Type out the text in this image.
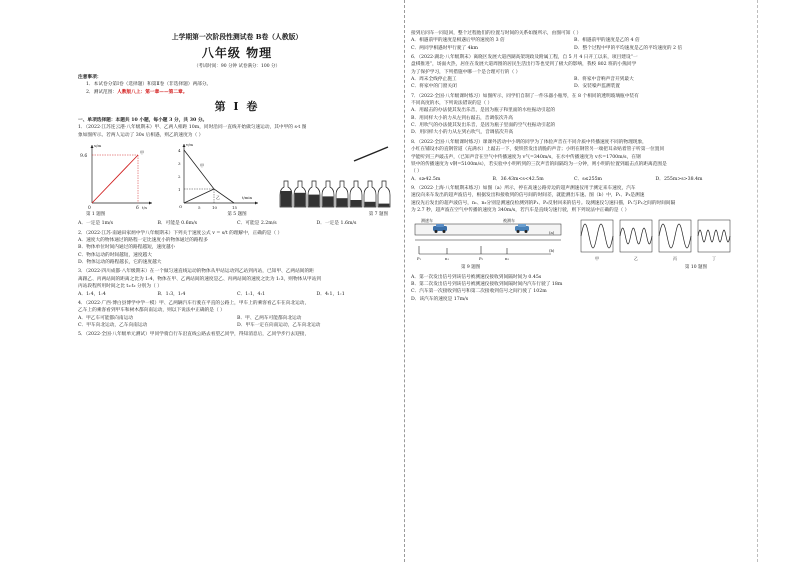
上学期第一次阶段性测试卷 B卷（人教版）

八年级 物理

（考试时间：90 分钟 试卷满分：100 分）

注意事项：

1．本试卷分第Ⅰ卷（选择题）和第Ⅱ卷（非选择题）两部分。

2．测试范围：人教版八上：第一章——第二章。

第 Ⅰ 卷

一、单项选择题：本题共 10 小题，每小题 3 分，共 30 分。

1．（2022·江苏连云港·八年级期末）甲、乙两人相距 10m，同时沿同一直线开始做匀速运动，其中甲的 s-t 图

象如图所示。若两人运动了 30s 后相遇，则乙的速度为（ ）

9.6
s/m
t/s
6
0
甲
v/m
4
3
2
1
5	10	15
O
甲
乙	t/min
第 1 题图	第 5 题图	第 7 题图
A．一定是 1m/s	B．可能是 0.6m/s	C．可能是 2.2m/s	D．一定是 1.6m/s

2．（2022·江苏·南通田家炳中学八年级期末）下列关于速度公式 v = s/t 的理解中，正确的是（ ）

A．速度大的物体通过的路程一定比速度小的物体通过的路程多

B．物体单位时间内通过的路程越短，速度越小

C．物体运动的时间越短，速度越大

D．物体运动的路程越长，它的速度越大

3．（2022·四川成都·八年级期末）在一个做匀速直线运动的物体从甲站运动到乙站到丙站，已知甲、乙两站间的距

离跟乙、丙两站间的距离之比为 1:4，物体在甲、乙两站间的速度是乙、丙两站间的速度之比为 1:3，则物体从甲站到

丙站段程所用时间之比 t₁:t₂ 分别为（ ）

A．1:4，1:4	B．1:3，1:4	C．1:1，4:1	D．4:1，1:1

4．（2022·广西·博白县博学中学一模）甲、乙两辆汽车行驶在平直的公路上，甲车上的乘客看乙车在向北运动，

乙车上的乘客看到甲车和树木都向南运动，则以下说法中正确的是（ ）

A．甲乙车可能都向南运动	B．甲、乙两车可能都向北运动
C．甲车向北运动，乙车向南运动	D．甲车一定在向南运动，乙车向北运动

5．（2022·全国·八年级单元测试）甲同学骑自行车沿直线公路去看望乙同学，得知消息后，乙同学步行去迎接，

接到后同车一同返回，整个过程他们的位置与时间的关系如图所示，由图可知（ ）

A．相遇前甲的速度是相遇后甲的速度的 3 倍	B．相遇前甲的速度是乙的 4 倍
C．两同学相遇时甲行驶了 4km	D．整个过程中甲的平均速度是乙的平均速度的 2 倍

6．（2022·湖北·八年级期末）离晓区发展大道西湖高架现政及附属工程，自 5 月 4 日开工以来，项目建设“一

盘棋推进”，场面火热，居住在发展大道周围的居民生活出行等也受到了极大的影响，我校 802 班的小熊同学

为了保护学习，下列措施中哪一个是合理可行的（ ）

A．周末全线停止施工	B．将家中音响声音开到最大
C．将家中的门窗关闭	D．安装噪声监测装置

7．（2022·全国·八年级课时练习）如图所示，同学们自制了一件乐器小瓶琴，在 8 个相同的透明玻璃瓶中装有

不同高度的水，下列说法错误的是（ ）

A．用敲击的办法使其发出乐音，是因为瓶子和里面的水柱振动引起的

B．用同样大小的力从左到右敲击，音调依次升高

C．用吹气的办法使其发出乐音，是因为瓶子里面的空气柱振动引起的

D．用同样大小的力从左到右吹气，音调依次升高

8．（2022·全国·八年级课时练习）课课外活动中小明的同学为了体验声音在不同介质中传播速度不同的物理现象，

小红在铺设水的直钢管道（充满水）上敲击一下，使铁管发出清脆的声音；小明在钢管另一端把耳朵贴着管子听第一位置同

学能听到三声敲击声，（已知声音在空气中传播速度为 v气=340m/s，在水中传播速度为 v水=1700m/s，在钢

铁中的传播速度为 v钢=5100m/s），若实验中小明听到的三次声音的间隔均为一分钟，则小明的位置到敲击点的距离范围是

（ ）

A．s≥42.5m	B．36.43m<s<42.5m	C．s≤255m	D．255m>s>38.4m

9．（2022·上海·八年级期末练习）如图（a）所示，停在高速公路旁边的超声测速仪用于测定来车速度，汽车

速仪向来车发出的超声波信号，根据发出和接收到的信号间的时间差，就能测出车速。图（b）中，P₁、P₂是测速

速仪先后发出的超声波信号，n₁、n₂分别是测速仪检测到的P₁、P₂反射回来的信号。设测速仪匀速扫描，P₁与P₂之间的时间间隔

为 2.7 秒，超声波在空气中传播的速度为 340m/s，若汽车是直线匀速行驶，则下列说法中正确的是（ ）

测速车	被测车
(a)
P₁	n₁	P₂	n₂
(b)
甲	乙	丙	丁
第 9 题图	第 10 题图

A．第一次发出信号到该信号被测速仪接收到间隔时间为 0.45s

B．第二次发出信号到该信号被测速仪接收到间隔时间内汽车行驶了 18m

C．汽车第一次接收到信号和第二次接收到信号之间行驶了 102m

D．该汽车的速度是 17m/s
